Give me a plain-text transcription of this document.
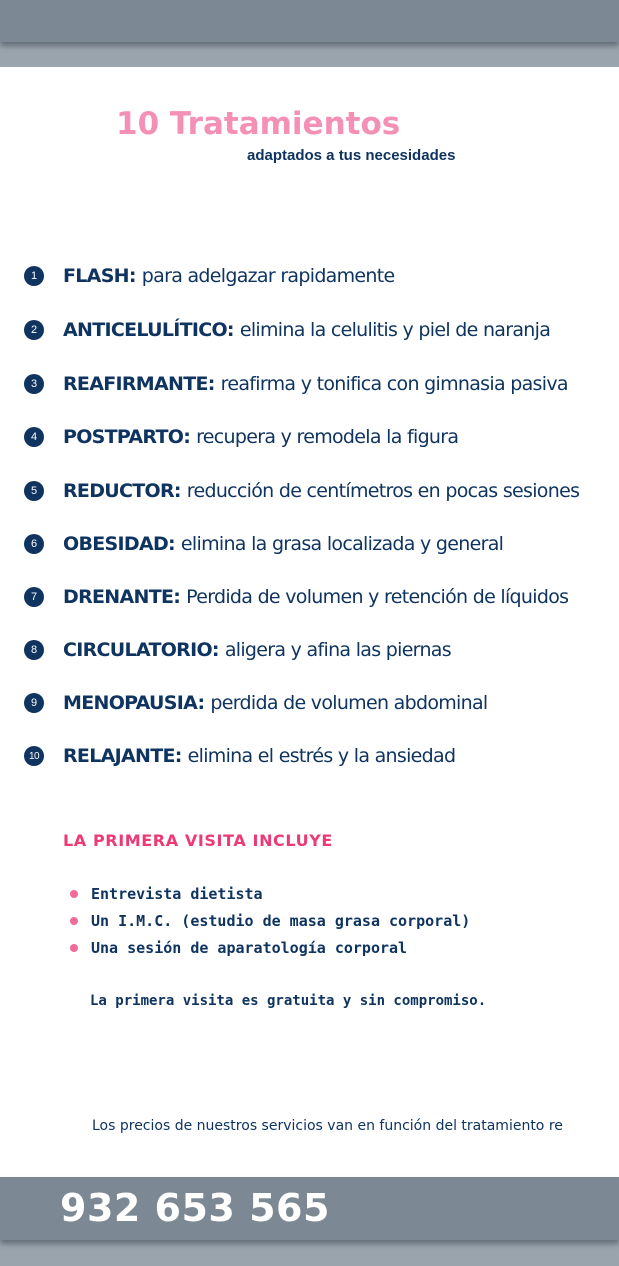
10 Tratamientos
adaptados a tus necesidades
1	FLASH: para adelgazar rapidamente
2	ANTICELULÍTICO: elimina la celulitis y piel de naranja
3	REAFIRMANTE: reafirma y tonifica con gimnasia pasiva
4	POSTPARTO: recupera y remodela la figura
5	REDUCTOR: reducción de centímetros en pocas sesiones
6	OBESIDAD: elimina la grasa localizada y general
7	DRENANTE: Perdida de volumen y retención de líquidos
8	CIRCULATORIO: aligera y afina las piernas
9	MENOPAUSIA: perdida de volumen abdominal
10 RELAJANTE: elimina el estrés y la ansiedad
LA PRIMERA VISITA INCLUYE
Entrevista dietista
Un I.M.C. (estudio de masa grasa corporal)
Una sesión de aparatología corporal
La primera visita es gratuita y sin compromiso.
Los precios de nuestros servicios van en función del tratamiento re
932 653 565
